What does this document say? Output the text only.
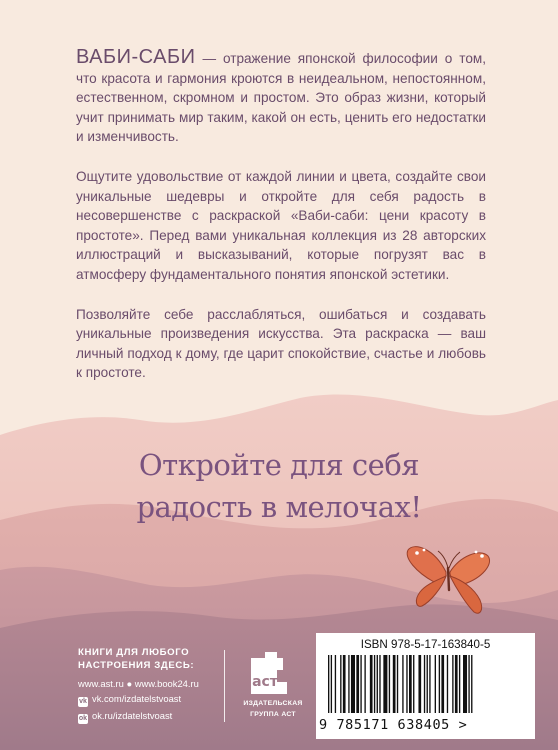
ВАБИ-САБИ — отражение японской философии о том, что красота и гармония кроются в неидеальном, непостоянном, естественном, скромном и простом. Это образ жизни, который учит принимать мир таким, какой он есть, ценить его недостатки и изменчивость.

Ощутите удовольствие от каждой линии и цвета, создайте свои уникальные шедевры и откройте для себя радость в несовершенстве с раскраской «Ваби-саби: цени красоту в простоте». Перед вами уникальная коллекция из 28 авторских иллюстраций и высказываний, которые погрузят вас в атмосферу фундаментального понятия японской эстетики.

Позволяйте себе расслабляться, ошибаться и создавать уникальные произведения искусства. Эта раскраска — ваш личный подход к дому, где царит спокойствие, счастье и любовь к простоте.

Откройте для себя
радость в мелочах!
КНИГИ ДЛЯ ЛЮБОГО
НАСТРОЕНИЯ ЗДЕСЬ:
www.ast.ru ● www.book24.ru
vk vk.com/izdatelstvoast
ok ok.ru/izdatelstvoast
аст
ИЗДАТЕЛЬСКАЯ
ГРУППА АСТ
ISBN 978-5-17-163840-5
9 785171 638405 >
